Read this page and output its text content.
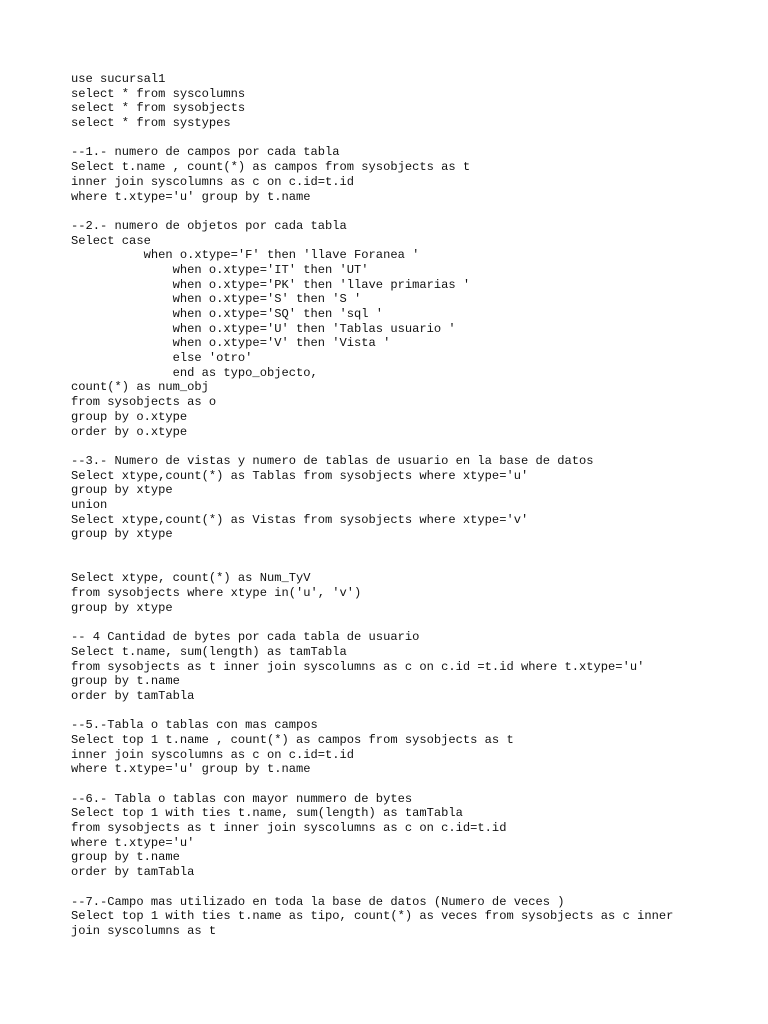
use sucursal1
select * from syscolumns
select * from sysobjects
select * from systypes
--1.- numero de campos por cada tabla
Select t.name , count(*) as campos from sysobjects as t
inner join syscolumns as c on c.id=t.id
where t.xtype='u' group by t.name
--2.- numero de objetos por cada tabla
Select case
when o.xtype='F' then 'llave Foranea '
when o.xtype='IT' then 'UT'
when o.xtype='PK' then 'llave primarias '
when o.xtype='S' then 'S '
when o.xtype='SQ' then 'sql '
when o.xtype='U' then 'Tablas usuario '
when o.xtype='V' then 'Vista '
else 'otro'
end as typo_objecto,
count(*) as num_obj
from sysobjects as o
group by o.xtype
order by o.xtype
--3.- Numero de vistas y numero de tablas de usuario en la base de datos
Select xtype,count(*) as Tablas from sysobjects where xtype='u'
group by xtype
union
Select xtype,count(*) as Vistas from sysobjects where xtype='v'
group by xtype
Select xtype, count(*) as Num_TyV
from sysobjects where xtype in('u', 'v')
group by xtype
-- 4 Cantidad de bytes por cada tabla de usuario
Select t.name, sum(length) as tamTabla
from sysobjects as t inner join syscolumns as c on c.id =t.id where t.xtype='u'
group by t.name
order by tamTabla
--5.-Tabla o tablas con mas campos
Select top 1 t.name , count(*) as campos from sysobjects as t
inner join syscolumns as c on c.id=t.id
where t.xtype='u' group by t.name
--6.- Tabla o tablas con mayor nummero de bytes
Select top 1 with ties t.name, sum(length) as tamTabla
from sysobjects as t inner join syscolumns as c on c.id=t.id
where t.xtype='u'
group by t.name
order by tamTabla
--7.-Campo mas utilizado en toda la base de datos (Numero de veces )
Select top 1 with ties t.name as tipo, count(*) as veces from sysobjects as c inner
join syscolumns as t
